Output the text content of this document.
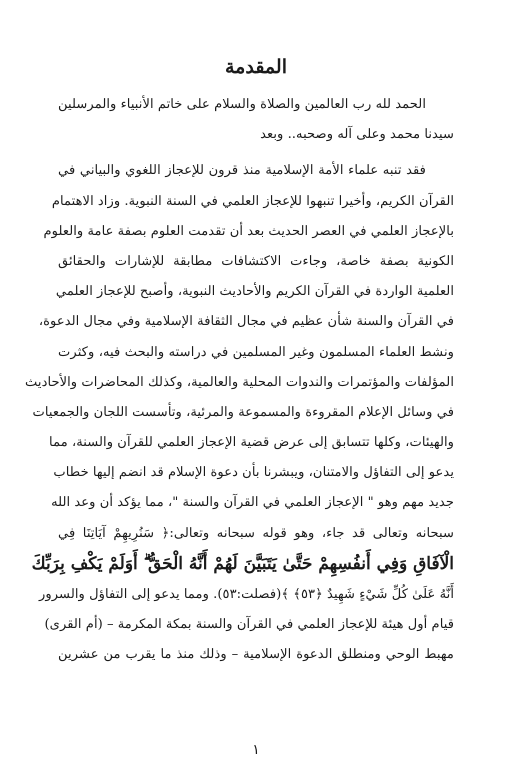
المقدمة
الحمد لله رب العالمين والصلاة والسلام على خاتم الأنبياء والمرسلين
سيدنا محمد وعلى آله وصحبه.. وبعد
فقد تنبه علماء الأمة الإسلامية منذ قرون للإعجاز اللغوي والبياني في
القرآن الكريم، وأخيرا تنبهوا للإعجاز العلمي في السنة النبوية. وزاد الاهتمام
بالإعجاز العلمي في العصر الحديث بعد أن تقدمت العلوم بصفة عامة والعلوم
الكونية بصفة خاصة، وجاءت الاكتشافات مطابقة للإشارات والحقائق
العلمية الواردة في القرآن الكريم والأحاديث النبوية، وأصبح للإعجاز العلمي
في القرآن والسنة شأن عظيم في مجال الثقافة الإسلامية وفي مجال الدعوة،
ونشط العلماء المسلمون وغير المسلمين في دراسته والبحث فيه، وكثرت
المؤلفات والمؤتمرات والندوات المحلية والعالمية، وكذلك المحاضرات والأحاديث
في وسائل الإعلام المقروءة والمسموعة والمرئية، وتأسست اللجان والجمعيات
والهيئات، وكلها تتسابق إلى عرض قضية الإعجاز العلمي للقرآن والسنة، مما
يدعو إلى التفاؤل والامتنان، ويبشرنا بأن دعوة الإسلام قد انضم إليها خطاب
جديد مهم وهو " الإعجاز العلمي في القرآن والسنة "، مما يؤكد أن وعد الله
سبحانه وتعالى قد جاء، وهو قوله سبحانه وتعالى:﴿ سَنُرِيهِمْ آيَاتِنَا فِي
الْآفَاقِ وَفِي أَنفُسِهِمْ حَتَّىٰ يَتَبَيَّنَ لَهُمْ أَنَّهُ الْحَقُّ ۗ أَوَلَمْ يَكْفِ بِرَبِّكَ
أَنَّهُ عَلَىٰ كُلِّ شَيْءٍ شَهِيدٌ ﴿٥٣﴾ ﴾(فصلت:٥٣). ومما يدعو إلى التفاؤل والسرور
قيام أول هيئة للإعجاز العلمي في القرآن والسنة بمكة المكرمة – (أم القرى)
مهبط الوحي ومنطلق الدعوة الإسلامية – وذلك منذ ما يقرب من عشرين
١
